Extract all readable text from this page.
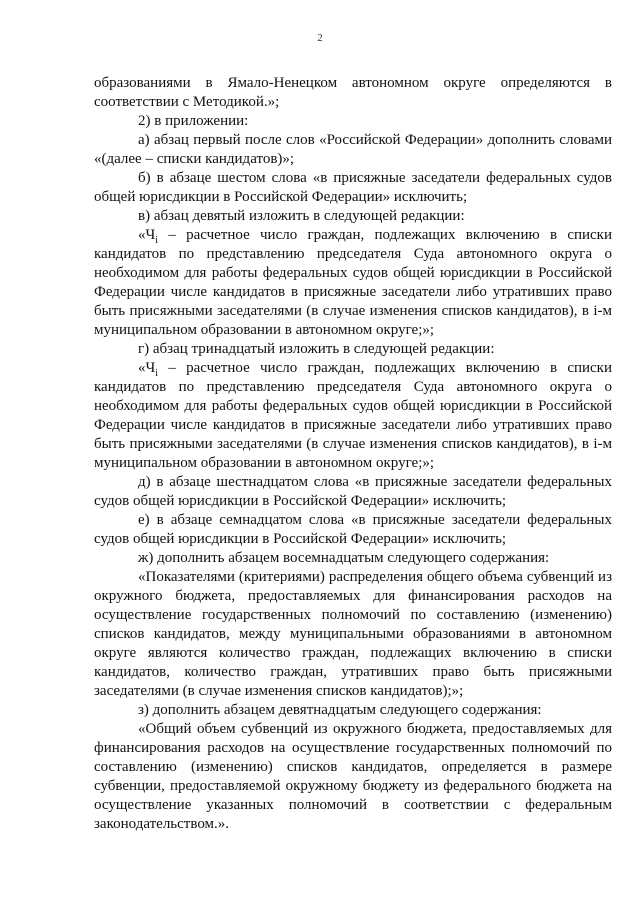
2

образованиями в Ямало-Ненецком автономном округе определяются в соответствии с Методикой.»;

2) в приложении:

а) абзац первый после слов «Российской Федерации» дополнить словами «(далее – списки кандидатов)»;

б) в абзаце шестом слова «в присяжные заседатели федеральных судов общей юрисдикции в Российской Федерации» исключить;

в) абзац девятый изложить в следующей редакции:

«$Ч_i$ – расчетное число граждан, подлежащих включению в списки кандидатов по представлению председателя Суда автономного округа о необходимом для работы федеральных судов общей юрисдикции в Российской Федерации числе кандидатов в присяжные заседатели либо утративших право быть присяжными заседателями (в случае изменения списков кандидатов), в i-м муниципальном образовании в автономном округе;»;

г) абзац тринадцатый изложить в следующей редакции:

«$Ч_i$ – расчетное число граждан, подлежащих включению в списки кандидатов по представлению председателя Суда автономного округа о необходимом для работы федеральных судов общей юрисдикции в Российской Федерации числе кандидатов в присяжные заседатели либо утративших право быть присяжными заседателями (в случае изменения списков кандидатов), в i-м муниципальном образовании в автономном округе;»;

д) в абзаце шестнадцатом слова «в присяжные заседатели федеральных судов общей юрисдикции в Российской Федерации» исключить;

е) в абзаце семнадцатом слова «в присяжные заседатели федеральных судов общей юрисдикции в Российской Федерации» исключить;

ж) дополнить абзацем восемнадцатым следующего содержания:

«Показателями (критериями) распределения общего объема субвенций из окружного бюджета, предоставляемых для финансирования расходов на осуществление государственных полномочий по составлению (изменению) списков кандидатов, между муниципальными образованиями в автономном округе являются количество граждан, подлежащих включению в списки кандидатов, количество граждан, утративших право быть присяжными заседателями (в случае изменения списков кандидатов);»;

з) дополнить абзацем девятнадцатым следующего содержания:

«Общий объем субвенций из окружного бюджета, предоставляемых для финансирования расходов на осуществление государственных полномочий по составлению (изменению) списков кандидатов, определяется в размере субвенции, предоставляемой окружному бюджету из федерального бюджета на осуществление указанных полномочий в соответствии с федеральным законодательством.».
